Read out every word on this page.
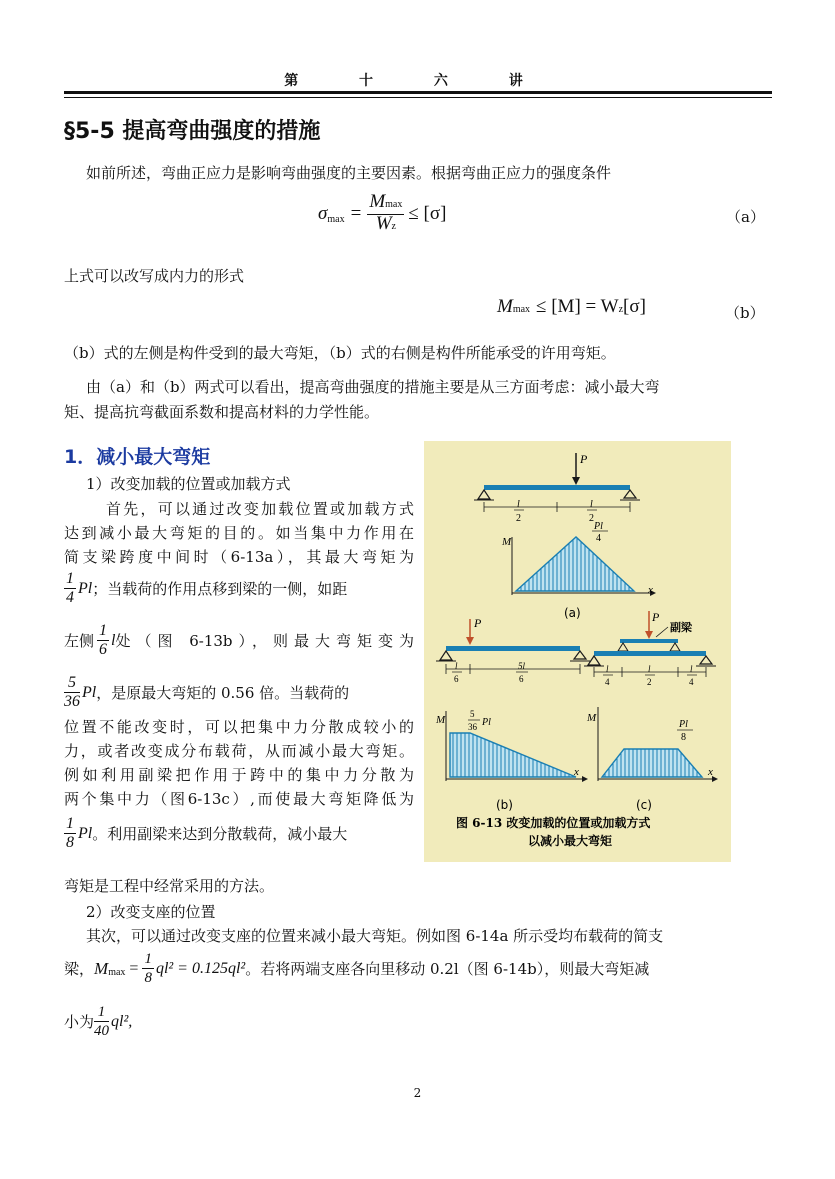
第 十 六 讲
§5-5 提高弯曲强度的措施
如前所述，弯曲正应力是影响弯曲强度的主要因素。根据弯曲正应力的强度条件
σ $\max = \frac{Mmax}{Wz} \le [\sigma]$	（a）
上式可以改写成内力的形式
M max ≤ [M] = W z [σ]	（b）
（b）式的左侧是构件受到的最大弯矩，（b）式的右侧是构件所能承受的许用弯矩。
由（a）和（b）两式可以看出，提高弯曲强度的措施主要是从三方面考虑：减小最大弯
矩、提高抗弯截面系数和提高材料的力学性能。
1．减小最大弯矩
1）改变加载的位置或加载方式
首先，可以通过改变加载位置或加载方式
达到减小最大弯矩的目的。如当集中力作用在
简支梁跨度中间时（6-13a），其最大弯矩为
$\frac{1}{4}$ Pl ；当载荷的作用点移到梁的一侧，如距
左侧 $\frac{1}{6}$ l 处（图 6-13b），则最大弯矩变为
$\frac{5}{36}$ Pl ，是原最大弯矩的 0.56 倍。当载荷的
位置不能改变时，可以把集中力分散成较小的
力，或者改变成分布载荷，从而减小最大弯矩。
例如利用副梁把作用于跨中的集中力分散为
两个集中力（图6-13c）,而使最大弯矩降低为
$\frac{1}{8}$ Pl 。利用副梁来达到分散载荷，减小最大
弯矩是工程中经常采用的方法。
2）改变支座的位置
其次，可以通过改变支座的位置来减小最大弯矩。例如图 6-14a 所示受均布载荷的简支
梁， M $\max = \frac{1}{8} ql^2 = 0.125ql^2$ 。若将两端支座各向里移动 0.2l（图 6-14b），则最大弯矩减
小为 $\frac{1}{40} ql^2$,
P
l
2
l
2
M
x
Pl
4
(a)
P
l
6
5l
6
P
副梁
l
4
l
2
l
4
M
x
5
36 Pl
(b)
M
x
Pl
8
(c)
图 6-13 改变加载的位置或加载方式
以减小最大弯矩
2
